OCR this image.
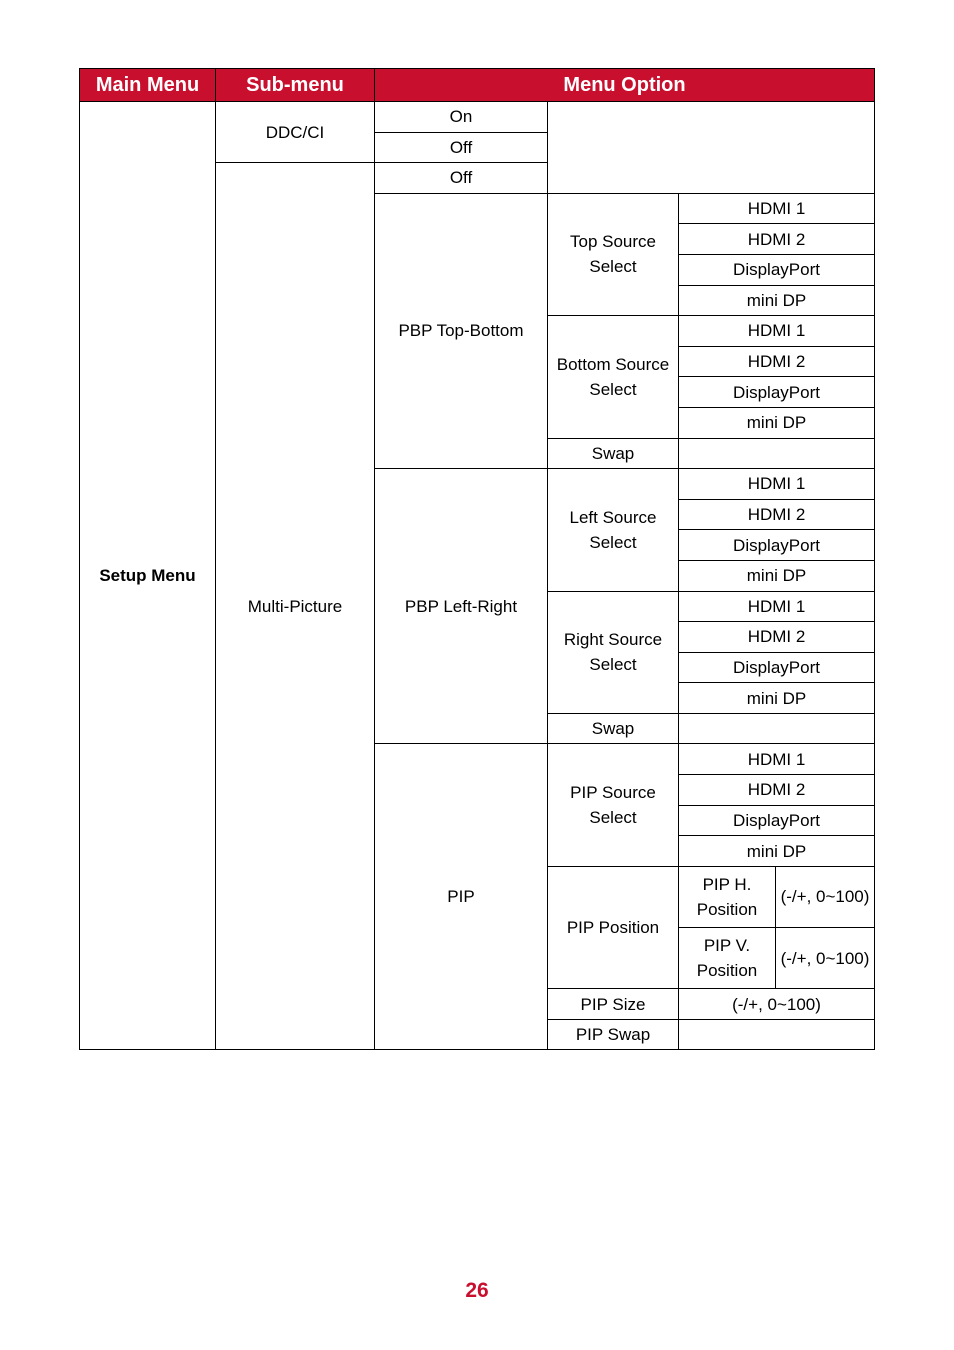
Main Menu	Sub-menu	Menu Option			
Setup Menu	DDC/CI	On			
		Off			
	Multi-Picture	Off			
		PBP Top-Bottom	Top Source Select	HDMI 1	
				HDMI 2	
				DisplayPort	
				mini DP	
			Bottom Source Select	HDMI 1	
				HDMI 2	
				DisplayPort	
				mini DP	
			Swap		
		PBP Left-Right	Left Source Select	HDMI 1	
				HDMI 2	
				DisplayPort	
				mini DP	
			Right Source Select	HDMI 1	
				HDMI 2	
				DisplayPort	
				mini DP	
			Swap		
		PIP	PIP Source Select	HDMI 1	
				HDMI 2	
				DisplayPort	
				mini DP	
			PIP Position	PIP H. Position	(-/+, 0~100)

				PIP V. Position	(-/+, 0~100)

			PIP Size	(-/+, 0~100)	
			PIP Swap		
26
